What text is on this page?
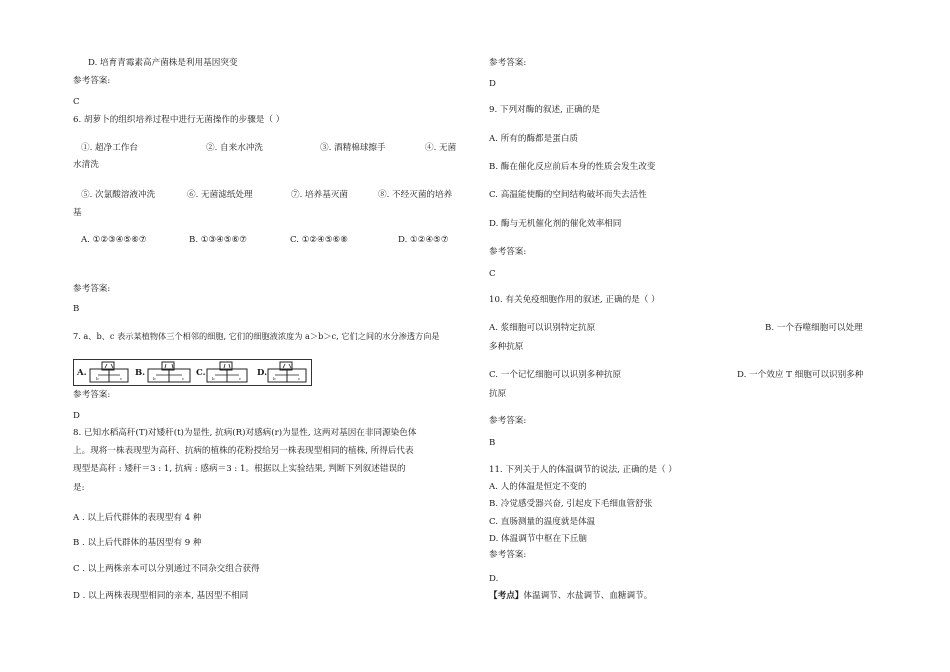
D. 培育青霉素高产菌株是利用基因突变
参考答案:
C
6. 胡萝卜的组织培养过程中进行无菌操作的步骤是（ ）
①. 超净工作台	②. 自来水冲洗	③. 酒精棉球擦手	④. 无菌
水清洗
⑤. 次氯酸溶液冲洗	⑥. 无菌滤纸处理	⑦. 培养基灭菌	⑧. 不经灭菌的培养
基
A. ①②③④⑤⑥⑦	B. ①③④⑤⑥⑦	C. ①②④⑤⑥⑧	D. ①②④⑤⑦
参考答案:
B
7. a、b、c 表示某植物体三个相邻的细胞, 它们的细胞液浓度为 a＞b＞c, 它们之间的水分渗透方向是
A.
b	c
B.
b	c
C.
b	c
D.
b	c
参考答案:
D
8. 已知水稻高秆(T)对矮秆(t)为显性, 抗病(R)对感病(r)为显性, 这两对基因在非同源染色体
上。现将一株表现型为高秆、抗病的植株的花粉授给另一株表现型相同的植株, 所得后代表
现型是高秆 : 矮秆＝3 : 1, 抗病 : 感病＝3 : 1。根据以上实验结果, 判断下列叙述错误的
是:
A . 以上后代群体的表现型有 4 种
B . 以上后代群体的基因型有 9 种
C . 以上两株亲本可以分别通过不同杂交组合获得
D . 以上两株表现型相同的亲本, 基因型不相同
参考答案:
D
9. 下列对酶的叙述, 正确的是
A. 所有的酶都是蛋白质
B. 酶在催化反应前后本身的性质会发生改变
C. 高温能使酶的空间结构破坏而失去活性
D. 酶与无机催化剂的催化效率相同
参考答案:
C
10. 有关免疫细胞作用的叙述, 正确的是（ ）
A. 浆细胞可以识别特定抗原	B. 一个吞噬细胞可以处理
多种抗原
C. 一个记忆细胞可以识别多种抗原	D. 一个效应 T 细胞可以识别多种
抗原
参考答案:
B
11. 下列关于人的体温调节的说法, 正确的是（ ）
A. 人的体温是恒定不变的
B. 冷觉感受器兴奋, 引起皮下毛细血管舒张
C. 直肠测量的温度就是体温
D. 体温调节中枢在下丘脑
参考答案:
D.
【考点】体温调节、水盐调节、血糖调节。
